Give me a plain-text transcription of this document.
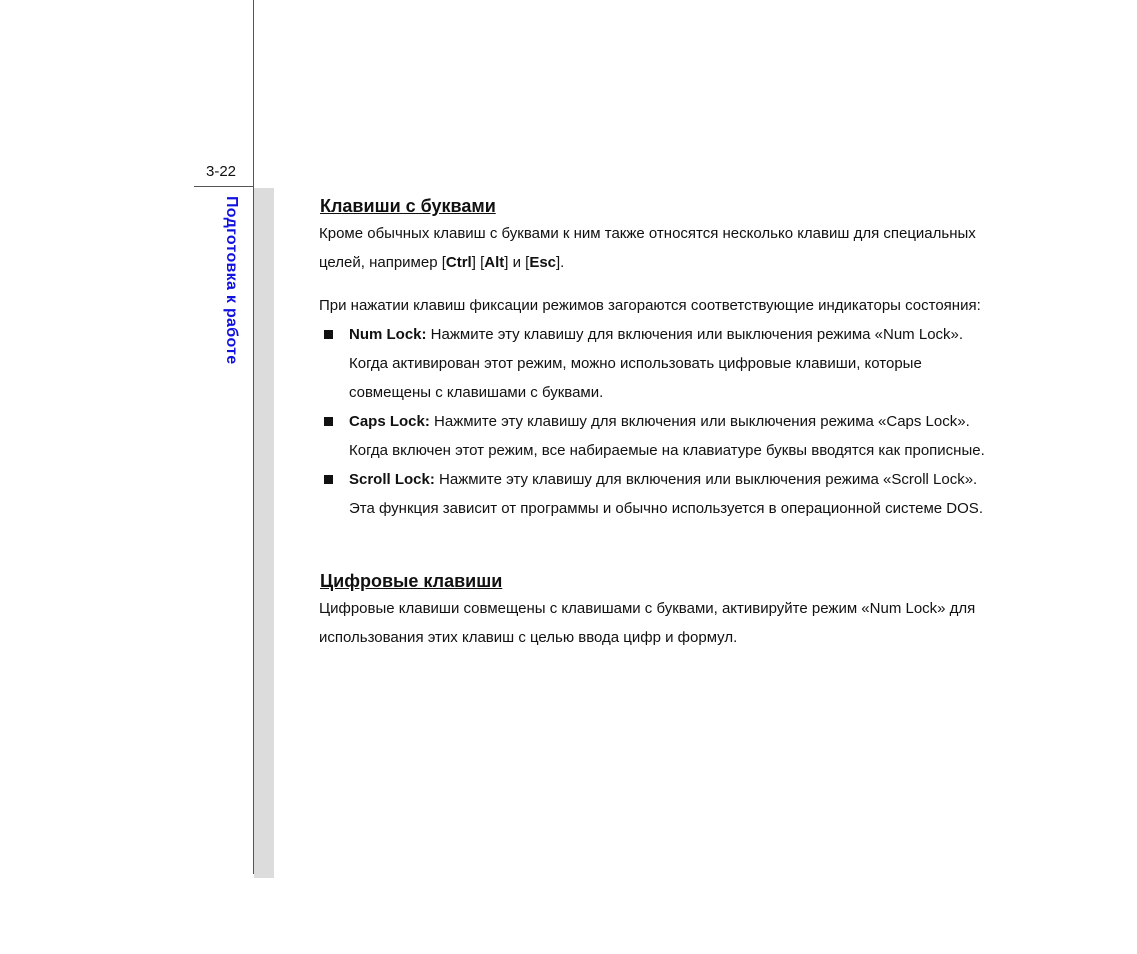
3-22
Подготовка к работе	Клавиши с буквами

Кроме обычных клавиш с буквами к ним также относятся несколько клавиш для специальных

целей, например [Ctrl] [Alt] и [Esc].

При нажатии клавиш фиксации режимов загораются соответствующие индикаторы состояния:

Num Lock: Нажмите эту клавишу для включения или выключения режима «Num Lock».
Когда активирован этот режим, можно использовать цифровые клавиши, которые
совмещены с клавишами с буквами.
Caps Lock: Нажмите эту клавишу для включения или выключения режима «Caps Lock».
Когда включен этот режим, все набираемые на клавиатуре буквы вводятся как прописные.
Scroll Lock: Нажмите эту клавишу для включения или выключения режима «Scroll Lock».
Эта функция зависит от программы и обычно используется в операционной системе DOS.
Цифровые клавиши

Цифровые клавиши совмещены с клавишами с буквами, активируйте режим «Num Lock» для

использования этих клавиш с целью ввода цифр и формул.
